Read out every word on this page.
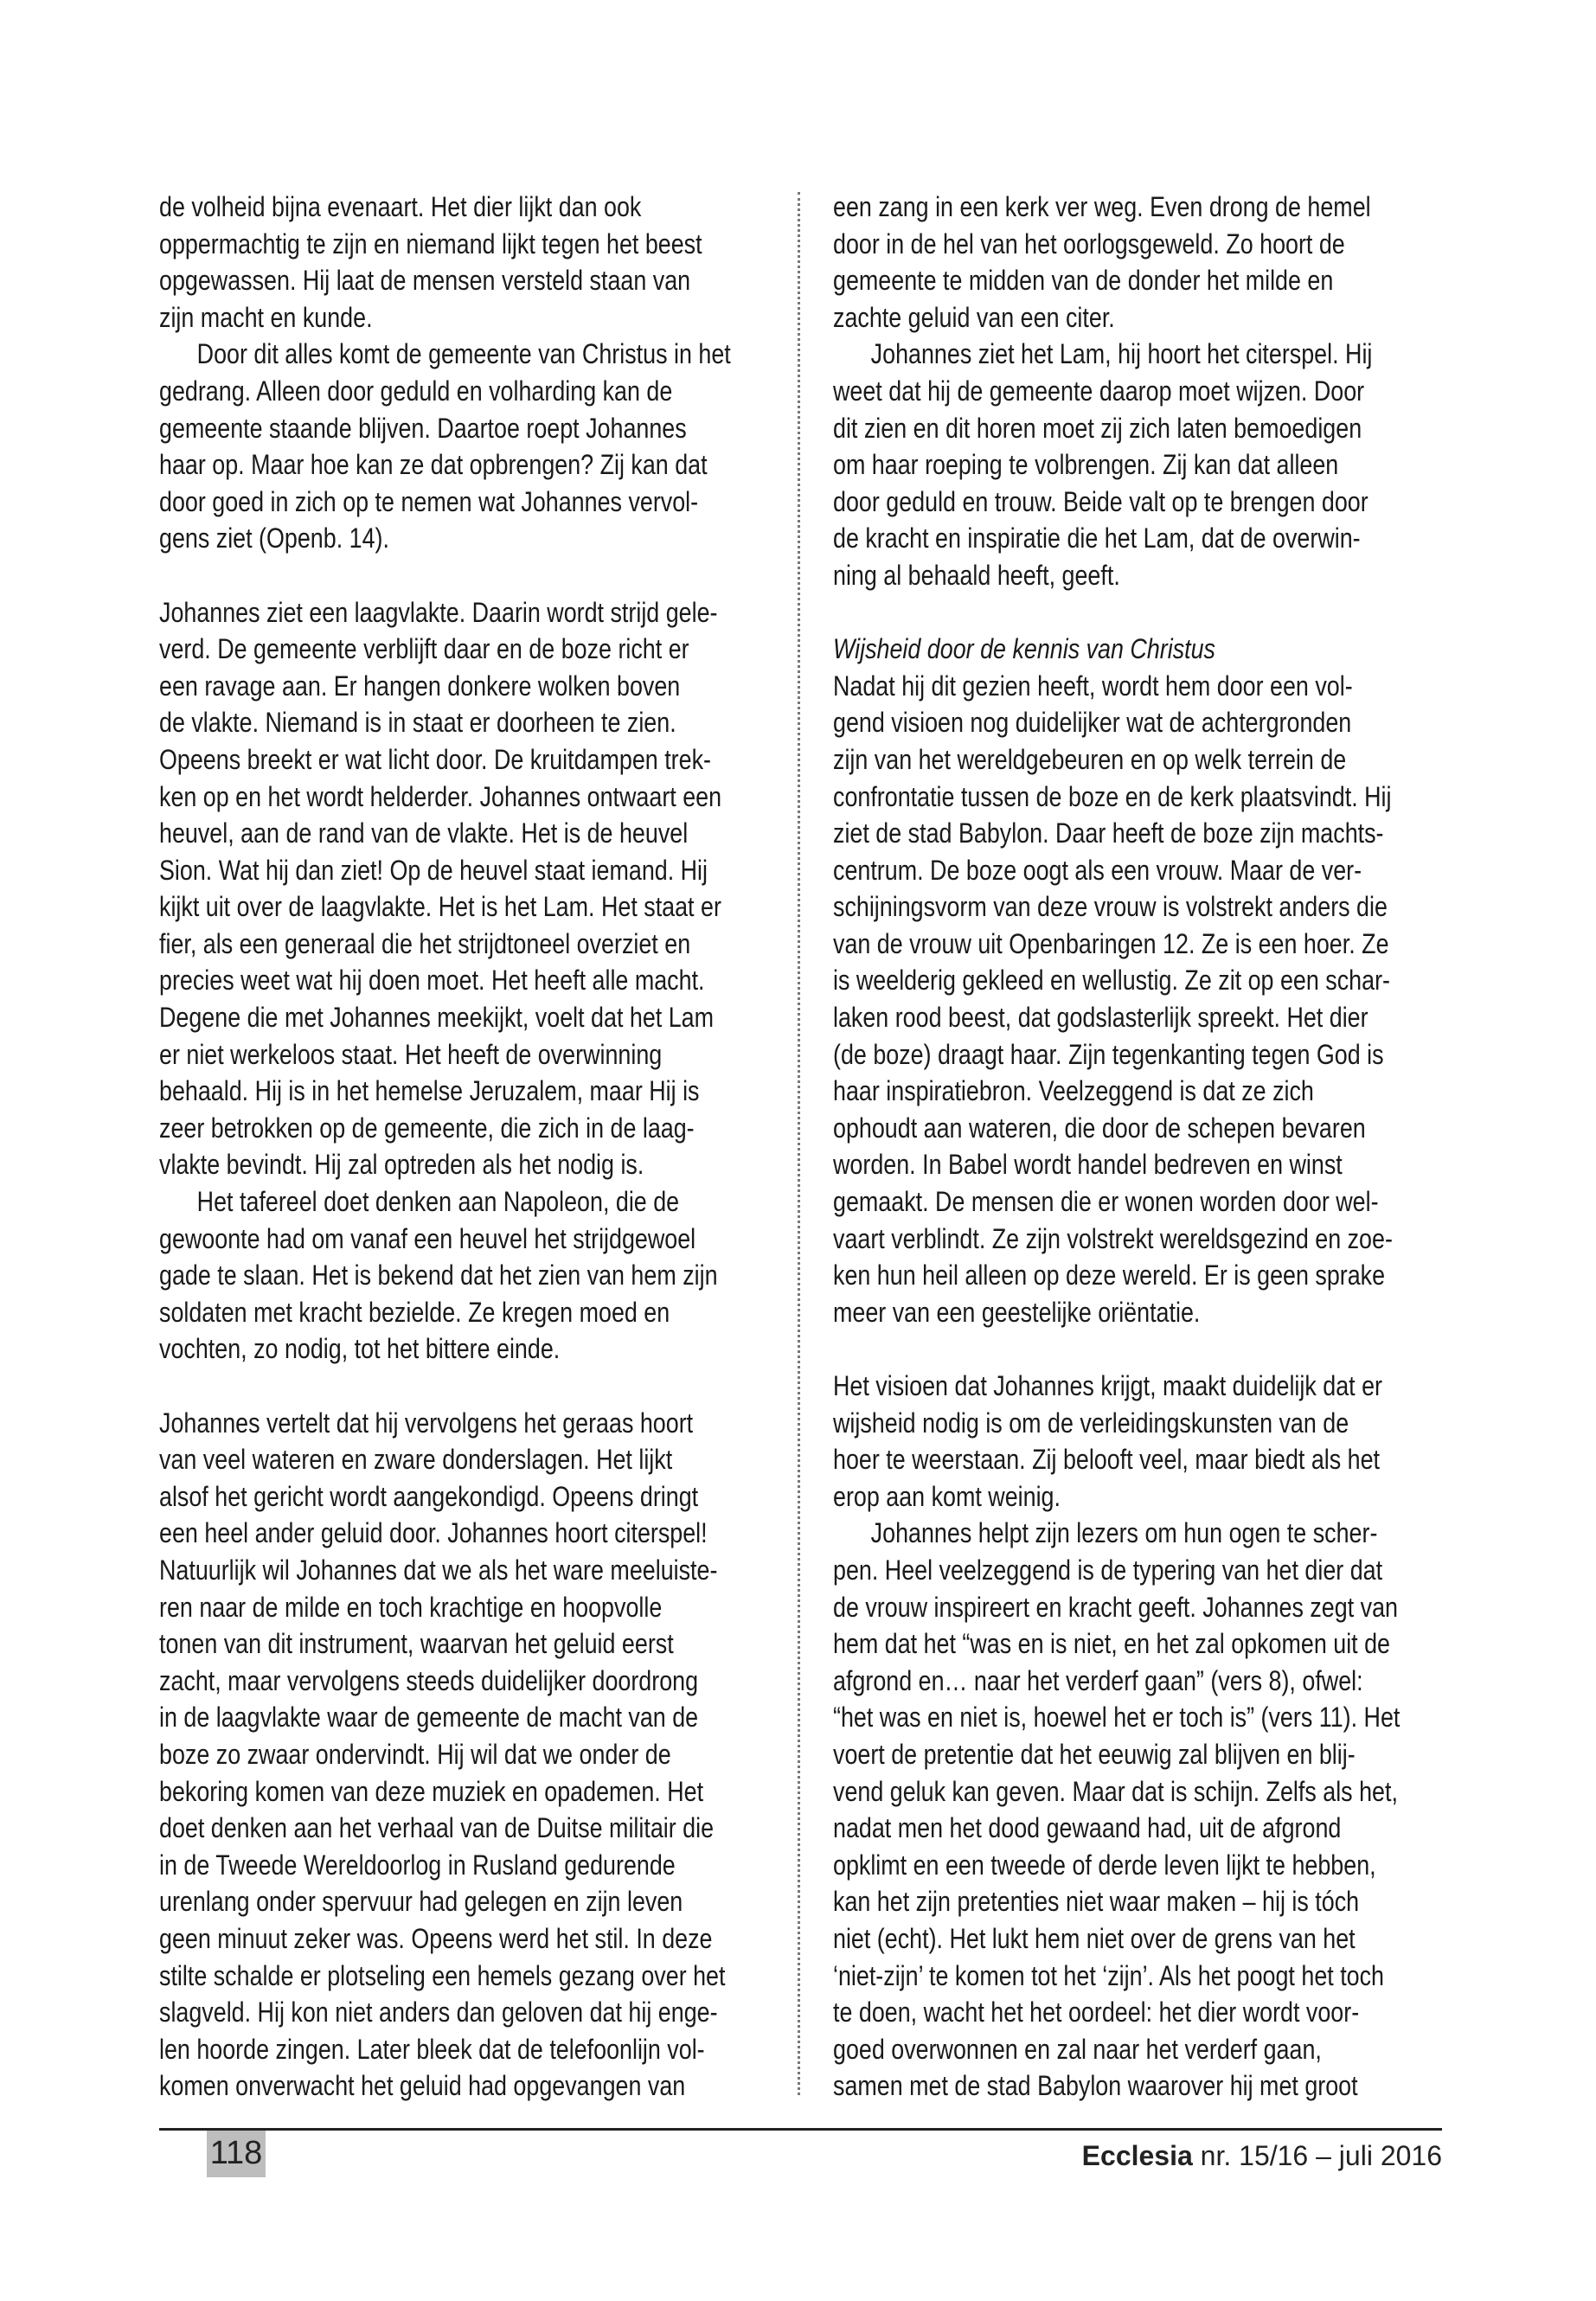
de volheid bijna evenaart. Het dier lijkt dan ook
oppermachtig te zijn en niemand lijkt tegen het beest
opgewassen. Hij laat de mensen versteld staan van
zijn macht en kunde.
Door dit alles komt de gemeente van Christus in het
gedrang. Alleen door geduld en volharding kan de
gemeente staande blijven. Daartoe roept Johannes
haar op. Maar hoe kan ze dat opbrengen? Zij kan dat
door goed in zich op te nemen wat Johannes vervol-
gens ziet (Openb. 14).
Johannes ziet een laagvlakte. Daarin wordt strijd gele-
verd. De gemeente verblijft daar en de boze richt er
een ravage aan. Er hangen donkere wolken boven
de vlakte. Niemand is in staat er doorheen te zien.
Opeens breekt er wat licht door. De kruitdampen trek-
ken op en het wordt helderder. Johannes ontwaart een
heuvel, aan de rand van de vlakte. Het is de heuvel
Sion. Wat hij dan ziet! Op de heuvel staat iemand. Hij
kijkt uit over de laagvlakte. Het is het Lam. Het staat er
fier, als een generaal die het strijdtoneel overziet en
precies weet wat hij doen moet. Het heeft alle macht.
Degene die met Johannes meekijkt, voelt dat het Lam
er niet werkeloos staat. Het heeft de overwinning
behaald. Hij is in het hemelse Jeruzalem, maar Hij is
zeer betrokken op de gemeente, die zich in de laag-
vlakte bevindt. Hij zal optreden als het nodig is.
Het tafereel doet denken aan Napoleon, die de
gewoonte had om vanaf een heuvel het strijdgewoel
gade te slaan. Het is bekend dat het zien van hem zijn
soldaten met kracht bezielde. Ze kregen moed en
vochten, zo nodig, tot het bittere einde.
Johannes vertelt dat hij vervolgens het geraas hoort
van veel wateren en zware donderslagen. Het lijkt
alsof het gericht wordt aangekondigd. Opeens dringt
een heel ander geluid door. Johannes hoort citerspel!
Natuurlijk wil Johannes dat we als het ware meeluiste-
ren naar de milde en toch krachtige en hoopvolle
tonen van dit instrument, waarvan het geluid eerst
zacht, maar vervolgens steeds duidelijker doordrong
in de laagvlakte waar de gemeente de macht van de
boze zo zwaar ondervindt. Hij wil dat we onder de
bekoring komen van deze muziek en opademen. Het
doet denken aan het verhaal van de Duitse militair die
in de Tweede Wereldoorlog in Rusland gedurende
urenlang onder spervuur had gelegen en zijn leven
geen minuut zeker was. Opeens werd het stil. In deze
stilte schalde er plotseling een hemels gezang over het
slagveld. Hij kon niet anders dan geloven dat hij enge-
len hoorde zingen. Later bleek dat de telefoonlijn vol-
komen onverwacht het geluid had opgevangen van
een zang in een kerk ver weg. Even drong de hemel
door in de hel van het oorlogsgeweld. Zo hoort de
gemeente te midden van de donder het milde en
zachte geluid van een citer.
Johannes ziet het Lam, hij hoort het citerspel. Hij
weet dat hij de gemeente daarop moet wijzen. Door
dit zien en dit horen moet zij zich laten bemoedigen
om haar roeping te volbrengen. Zij kan dat alleen
door geduld en trouw. Beide valt op te brengen door
de kracht en inspiratie die het Lam, dat de overwin-
ning al behaald heeft, geeft.
Wijsheid door de kennis van Christus
Nadat hij dit gezien heeft, wordt hem door een vol-
gend visioen nog duidelijker wat de achtergronden
zijn van het wereldgebeuren en op welk terrein de
confrontatie tussen de boze en de kerk plaatsvindt. Hij
ziet de stad Babylon. Daar heeft de boze zijn machts-
centrum. De boze oogt als een vrouw. Maar de ver-
schijningsvorm van deze vrouw is volstrekt anders die
van de vrouw uit Openbaringen 12. Ze is een hoer. Ze
is weelderig gekleed en wellustig. Ze zit op een schar-
laken rood beest, dat godslasterlijk spreekt. Het dier
(de boze) draagt haar. Zijn tegenkanting tegen God is
haar inspiratiebron. Veelzeggend is dat ze zich
ophoudt aan wateren, die door de schepen bevaren
worden. In Babel wordt handel bedreven en winst
gemaakt. De mensen die er wonen worden door wel-
vaart verblindt. Ze zijn volstrekt wereldsgezind en zoe-
ken hun heil alleen op deze wereld. Er is geen sprake
meer van een geestelijke oriëntatie.
Het visioen dat Johannes krijgt, maakt duidelijk dat er
wijsheid nodig is om de verleidingskunsten van de
hoer te weerstaan. Zij belooft veel, maar biedt als het
erop aan komt weinig.
Johannes helpt zijn lezers om hun ogen te scher-
pen. Heel veelzeggend is de typering van het dier dat
de vrouw inspireert en kracht geeft. Johannes zegt van
hem dat het “was en is niet, en het zal opkomen uit de
afgrond en… naar het verderf gaan” (vers 8), ofwel:
“het was en niet is, hoewel het er toch is” (vers 11). Het
voert de pretentie dat het eeuwig zal blijven en blij-
vend geluk kan geven. Maar dat is schijn. Zelfs als het,
nadat men het dood gewaand had, uit de afgrond
opklimt en een tweede of derde leven lijkt te hebben,
kan het zijn pretenties niet waar maken – hij is tóch
niet (echt). Het lukt hem niet over de grens van het
‘niet-zijn’ te komen tot het ‘zijn’. Als het poogt het toch
te doen, wacht het het oordeel: het dier wordt voor-
goed overwonnen en zal naar het verderf gaan,
samen met de stad Babylon waarover hij met groot
118	Ecclesia nr. 15/16 – juli 2016
